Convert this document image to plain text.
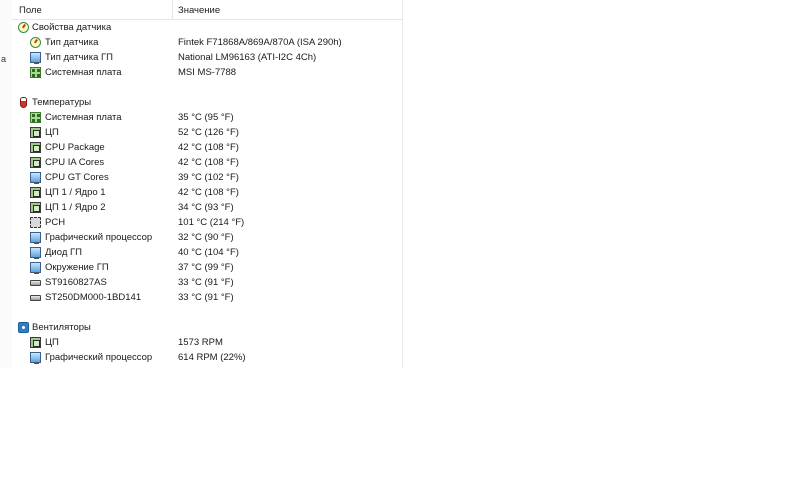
a
Поле	Значение
Свойства датчика
Тип датчика	Fintek F71868A/869A/870A (ISA 290h)
Тип датчика ГП	National LM96163 (ATI-I2C 4Ch)
Системная плата	MSI MS-7788
Температуры
Системная плата	35 °C (95 °F)
ЦП	52 °C (126 °F)
CPU Package	42 °C (108 °F)
CPU IA Cores	42 °C (108 °F)
CPU GT Cores	39 °C (102 °F)
ЦП 1 / Ядро 1	42 °C (108 °F)
ЦП 1 / Ядро 2	34 °C (93 °F)
PCH	101 °C (214 °F)
Графический процессор	32 °C (90 °F)
Диод ГП	40 °C (104 °F)
Окружение ГП	37 °C (99 °F)
ST9160827AS	33 °C (91 °F)
ST250DM000-1BD141	33 °C (91 °F)
Вентиляторы
ЦП	1573 RPM
Графический процессор	614 RPM (22%)
